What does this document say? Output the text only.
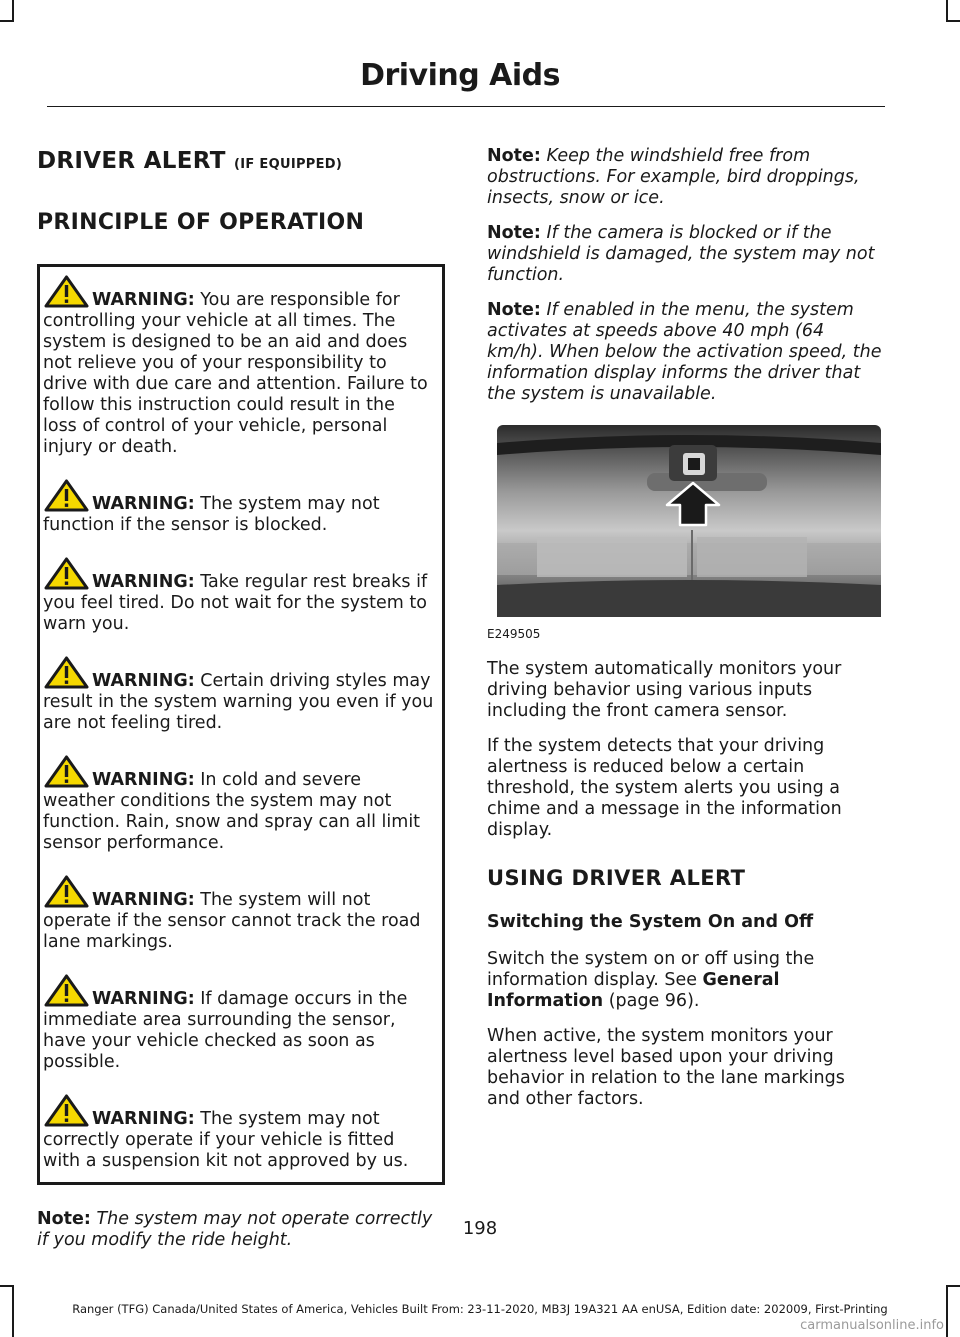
Driving Aids
DRIVER ALERT (IF EQUIPPED)
PRINCIPLE OF OPERATION

WARNING: You are responsible for controlling your vehicle at all times. The system is designed to be an aid and does not relieve you of your responsibility to drive with due care and attention. Failure to follow this instruction could result in the loss of control of your vehicle, personal injury or death.

WARNING: The system may not function if the sensor is blocked.

WARNING: Take regular rest breaks if you feel tired. Do not wait for the system to warn you.

WARNING: Certain driving styles may result in the system warning you even if you are not feeling tired.

WARNING: In cold and severe weather conditions the system may not function. Rain, snow and spray can all limit sensor performance.

WARNING: The system will not operate if the sensor cannot track the road lane markings.

WARNING: If damage occurs in the immediate area surrounding the sensor, have your vehicle checked as soon as possible.

WARNING: The system may not correctly operate if your vehicle is fitted with a suspension kit not approved by us.

Note: The system may not operate correctly if you modify the ride height.

Note: Keep the windshield free from obstructions. For example, bird droppings, insects, snow or ice.

Note: If the camera is blocked or if the windshield is damaged, the system may not function.

Note: If enabled in the menu, the system activates at speeds above 40 mph (64 km/h). When below the activation speed, the information display informs the driver that the system is unavailable.

E249505

The system automatically monitors your driving behavior using various inputs including the front camera sensor.

If the system detects that your driving alertness is reduced below a certain threshold, the system alerts you using a chime and a message in the information display.

USING DRIVER ALERT
Switching the System On and Off

Switch the system on or off using the information display. See General Information (page 96).

When active, the system monitors your alertness level based upon your driving behavior in relation to the lane markings and other factors.

198
Ranger (TFG) Canada/United States of America, Vehicles Built From: 23-11-2020, MB3J 19A321 AA enUSA, Edition date: 202009, First-Printing
carmanualsonline.info
